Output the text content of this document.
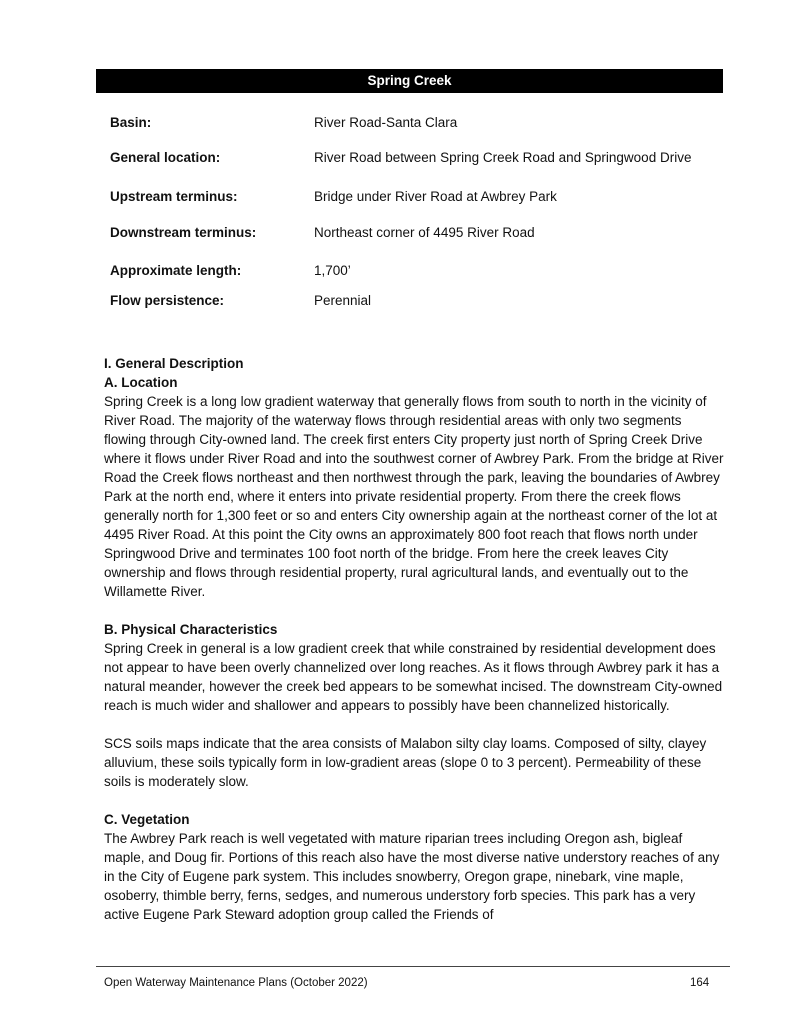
Spring Creek
Basin:	River Road-Santa Clara
General location:	River Road between Spring Creek Road and Springwood Drive
Upstream terminus:	Bridge under River Road at Awbrey Park
Downstream terminus:	Northeast corner of 4495 River Road
Approximate length:	1,700’
Flow persistence:	Perennial
I. General Description
A. Location

Spring Creek is a long low gradient waterway that generally flows from south to north in the vicinity of River Road. The majority of the waterway flows through residential areas with only two segments flowing through City-owned land. The creek first enters City property just north of Spring Creek Drive where it flows under River Road and into the southwest corner of Awbrey Park. From the bridge at River Road the Creek flows northeast and then northwest through the park, leaving the boundaries of Awbrey Park at the north end, where it enters into private residential property. From there the creek flows generally north for 1,300 feet or so and enters City ownership again at the northeast corner of the lot at 4495 River Road. At this point the City owns an approximately 800 foot reach that flows north under Springwood Drive and terminates 100 foot north of the bridge. From here the creek leaves City ownership and flows through residential property, rural agricultural lands, and eventually out to the Willamette River.

B. Physical Characteristics

Spring Creek in general is a low gradient creek that while constrained by residential development does not appear to have been overly channelized over long reaches. As it flows through Awbrey park it has a natural meander, however the creek bed appears to be somewhat incised. The downstream City-owned reach is much wider and shallower and appears to possibly have been channelized historically.

SCS soils maps indicate that the area consists of Malabon silty clay loams. Composed of silty, clayey alluvium, these soils typically form in low-gradient areas (slope 0 to 3 percent). Permeability of these soils is moderately slow.

C. Vegetation

The Awbrey Park reach is well vegetated with mature riparian trees including Oregon ash, bigleaf maple, and Doug fir. Portions of this reach also have the most diverse native understory reaches of any in the City of Eugene park system. This includes snowberry, Oregon grape, ninebark, vine maple, osoberry, thimble berry, ferns, sedges, and numerous understory forb species. This park has a very active Eugene Park Steward adoption group called the Friends of

Open Waterway Maintenance Plans (October 2022)	164
